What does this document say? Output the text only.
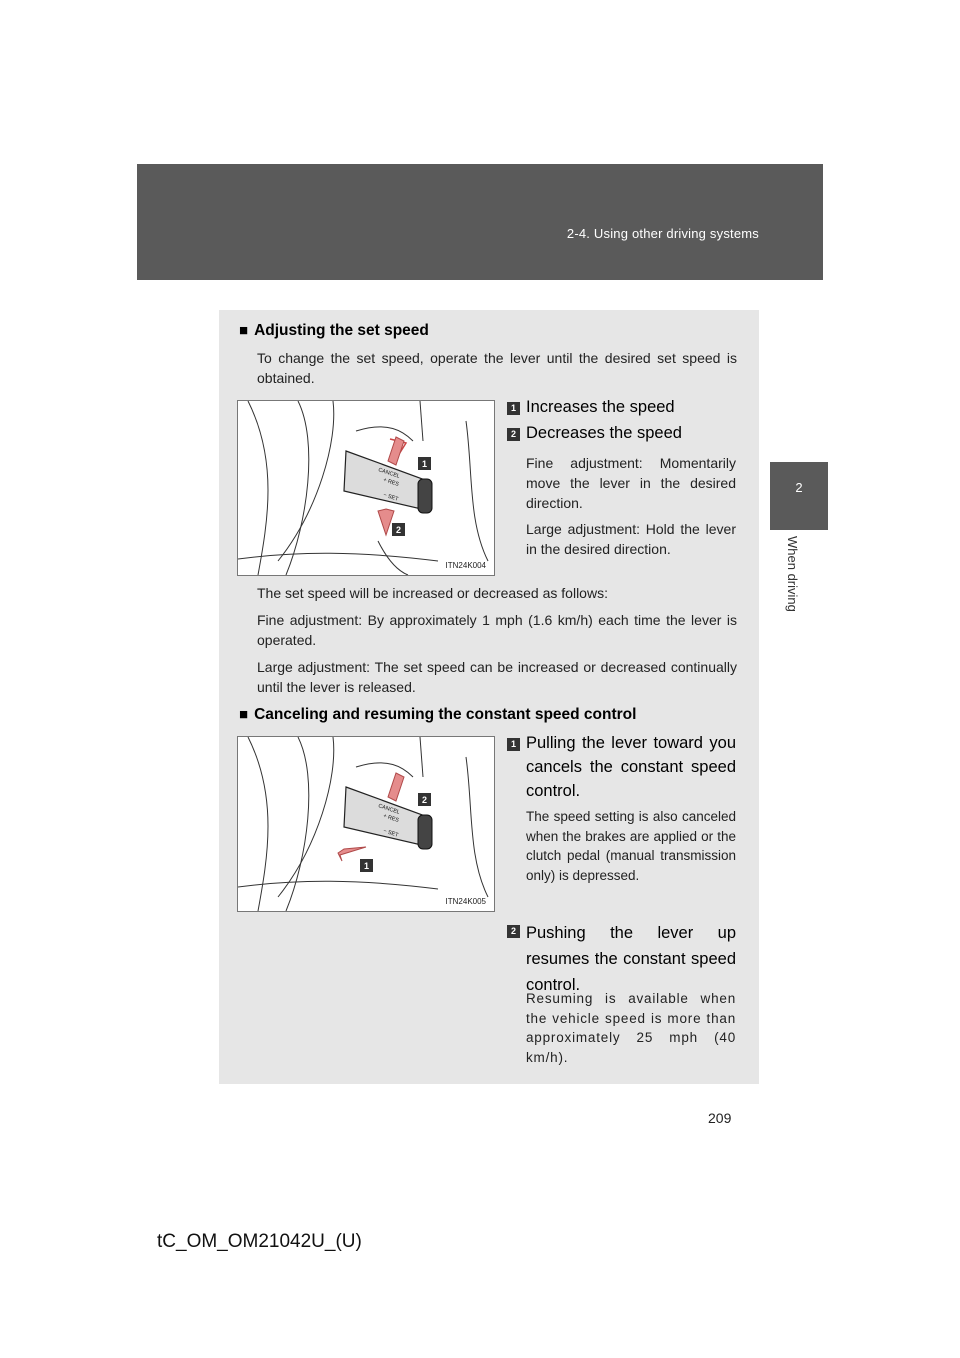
2-4. Using other driving systems
2
When driving
■ Adjusting the set speed
To change the set speed, operate the lever until the desired set speed is obtained.
CANCEL
+ RES
− SET
1
2
ITN24K004
1 Increases the speed
2 Decreases the speed
Fine adjustment: Momentarily move the lever in the desired direction.
Large adjustment: Hold the lever in the desired direction.
The set speed will be increased or decreased as follows:
Fine adjustment: By approximately 1 mph (1.6 km/h) each time the lever is operated.
Large adjustment: The set speed can be increased or decreased continually until the lever is released.
■ Canceling and resuming the constant speed control
CANCEL
+ RES
− SET
2
1
ITN24K005
1 Pulling the lever toward you cancels the constant speed control.
The speed setting is also canceled when the brakes are applied or the clutch pedal (manual transmission only) is depressed.
2 Pushing the lever up resumes the constant speed control.
Resuming is available when the vehicle speed is more than approximately 25 mph (40 km/h).
209
tC_OM_OM21042U_(U)
